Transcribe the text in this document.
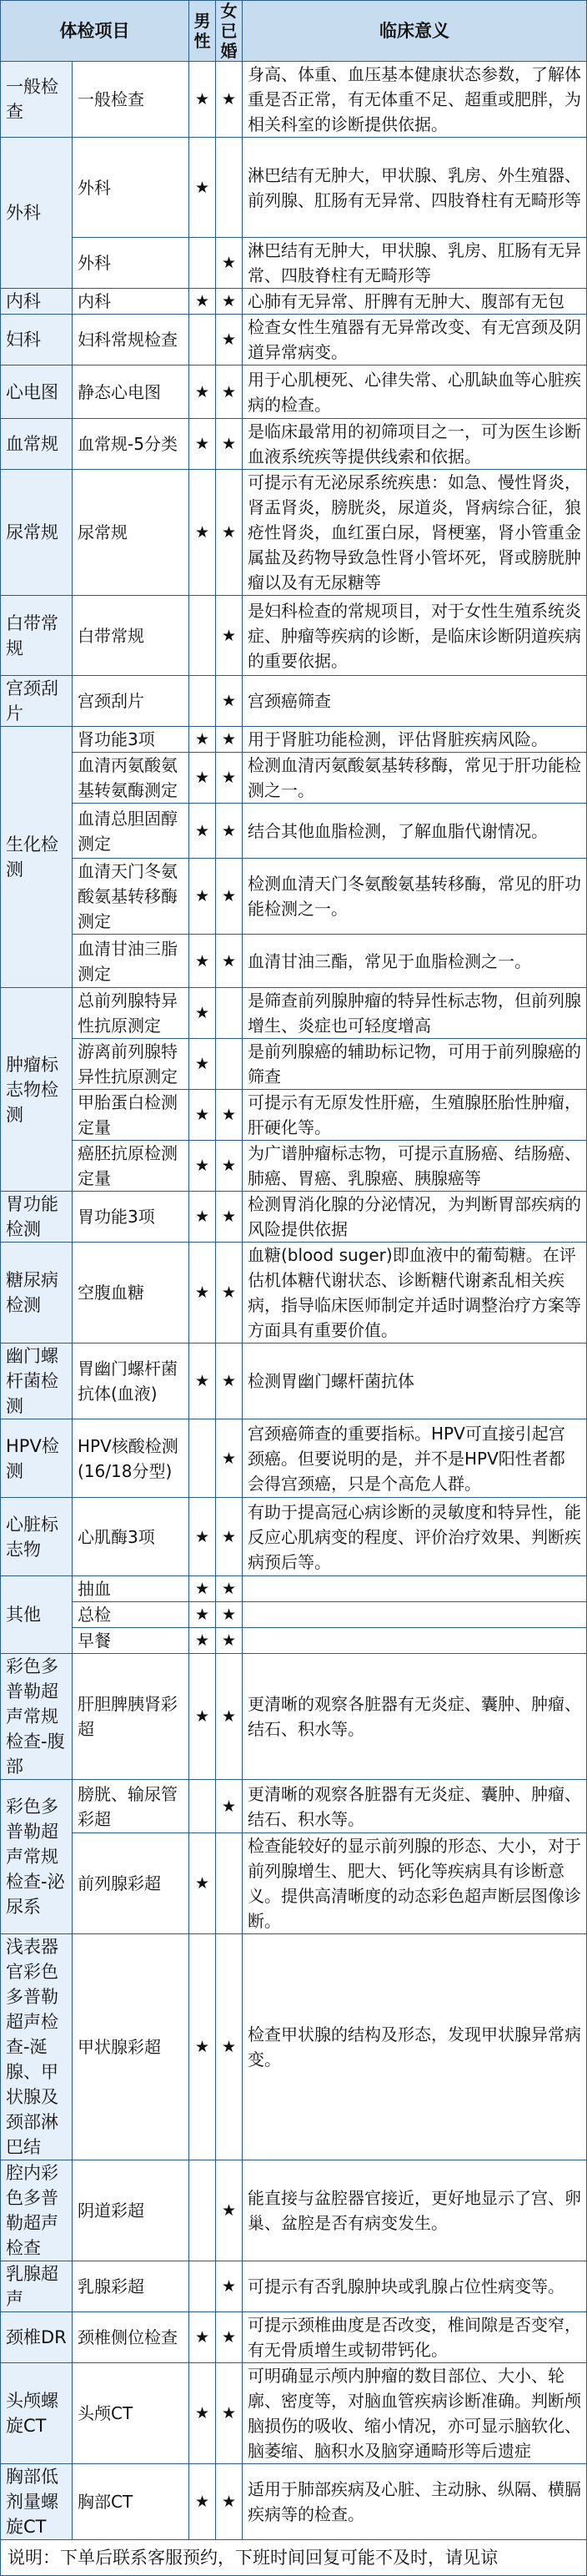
体检项目		男性	女已婚	临床意义
一般检查	一般检查	★	★	身高、体重、血压基本健康状态参数，了解体重是否正常，有无体重不足、超重或肥胖，为相关科室的诊断提供依据。
外科	外科	★		淋巴结有无肿大，甲状腺、乳房、外生殖器、前列腺、肛肠有无异常、四肢脊柱有无畸形等
	外科		★	淋巴结有无肿大，甲状腺、乳房、肛肠有无异常、四肢脊柱有无畸形等
内科	内科	★	★	心肺有无异常、肝脾有无肿大、腹部有无包
妇科	妇科常规检查		★	检查女性生殖器有无异常改变、有无宫颈及阴道异常病变。
心电图	静态心电图	★	★	用于心肌梗死、心律失常、心肌缺血等心脏疾病的检查。
血常规	血常规-5分类	★	★	是临床最常用的初筛项目之一，可为医生诊断血液系统疾等提供线索和依据。
尿常规	尿常规	★	★	可提示有无泌尿系统疾患：如急、慢性肾炎，肾盂肾炎，膀胱炎，尿道炎，肾病综合征，狼疮性肾炎，血红蛋白尿，肾梗塞，肾小管重金属盐及药物导致急性肾小管坏死，肾或膀胱肿瘤以及有无尿糖等
白带常规	白带常规		★	是妇科检查的常规项目，对于女性生殖系统炎症、肿瘤等疾病的诊断，是临床诊断阴道疾病的重要依据。
宫颈刮片	宫颈刮片		★	宫颈癌筛查
生化检测	肾功能3项	★	★	用于肾脏功能检测，评估肾脏疾病风险。
	血清丙氨酸氨基转氨酶测定	★	★	检测血清丙氨酸氨基转移酶，常见于肝功能检测之一。
	血清总胆固醇测定	★	★	结合其他血脂检测，了解血脂代谢情况。
	血清天门冬氨酸氨基转移酶测定	★	★	检测血清天门冬氨酸氨基转移酶，常见的肝功能检测之一。
	血清甘油三脂测定	★	★	血清甘油三酯，常见于血脂检测之一。
肿瘤标志物检测	总前列腺特异性抗原测定	★		是筛查前列腺肿瘤的特异性标志物，但前列腺增生、炎症也可轻度增高
	游离前列腺特异性抗原测定	★		是前列腺癌的辅助标记物，可用于前列腺癌的筛查
	甲胎蛋白检测定量	★	★	可提示有无原发性肝癌，生殖腺胚胎性肿瘤，肝硬化等。
	癌胚抗原检测定量	★	★	为广谱肿瘤标志物，可提示直肠癌、结肠癌、肺癌、胃癌、乳腺癌、胰腺癌等
胃功能检测	胃功能3项	★	★	检测胃消化腺的分泌情况，为判断胃部疾病的风险提供依据
糖尿病检测	空腹血糖	★	★	血糖(blood suger)即血液中的葡萄糖。在评估机体糖代谢状态、诊断糖代谢紊乱相关疾病，指导临床医师制定并适时调整治疗方案等方面具有重要价值。
幽门螺杆菌检测	胃幽门螺杆菌抗体(血液)	★	★	检测胃幽门螺杆菌抗体
HPV检测	HPV核酸检测(16/18分型)		★	宫颈癌筛查的重要指标。HPV可直接引起宫颈癌。但要说明的是，并不是HPV阳性者都会得宫颈癌，只是个高危人群。
心脏标志物	心肌酶3项	★	★	有助于提高冠心病诊断的灵敏度和特异性，能反应心肌病变的程度、评价治疗效果、判断疾病预后等。
其他	抽血	★	★	
	总检	★	★	
	早餐	★	★	
彩色多普勒超声常规检查-腹部	肝胆脾胰肾彩超	★	★	更清晰的观察各脏器有无炎症、囊肿、肿瘤、结石、积水等。
彩色多普勒超声常规检查-泌尿系	膀胱、输尿管彩超		★	更清晰的观察各脏器有无炎症、囊肿、肿瘤、结石、积水等。
	前列腺彩超	★		检查能较好的显示前列腺的形态、大小，对于前列腺增生、肥大、钙化等疾病具有诊断意义。提供高清晰度的动态彩色超声断层图像诊断。
浅表器官彩色多普勒超声检查-涎腺、甲状腺及颈部淋巴结	甲状腺彩超	★	★	检查甲状腺的结构及形态，发现甲状腺异常病变。
腔内彩色多普勒超声检查	阴道彩超		★	能直接与盆腔器官接近，更好地显示了宫、卵巢、盆腔是否有病变发生。
乳腺超声	乳腺彩超		★	可提示有否乳腺肿块或乳腺占位性病变等。
颈椎DR	颈椎侧位检查	★	★	可提示颈椎曲度是否改变，椎间隙是否变窄，有无骨质增生或韧带钙化。
头颅螺旋CT	头颅CT	★	★	可明确显示颅内肿瘤的数目部位、大小、轮廓、密度等，对脑血管疾病诊断准确。判断颅脑损伤的吸收、缩小情况，亦可显示脑软化、脑萎缩、脑积水及脑穿通畸形等后遗症
胸部低剂量螺旋CT	胸部CT	★	★	适用于肺部疾病及心脏、主动脉、纵隔、横膈疾病等的检查。
说明：下单后联系客服预约，下班时间回复可能不及时，请见谅				
